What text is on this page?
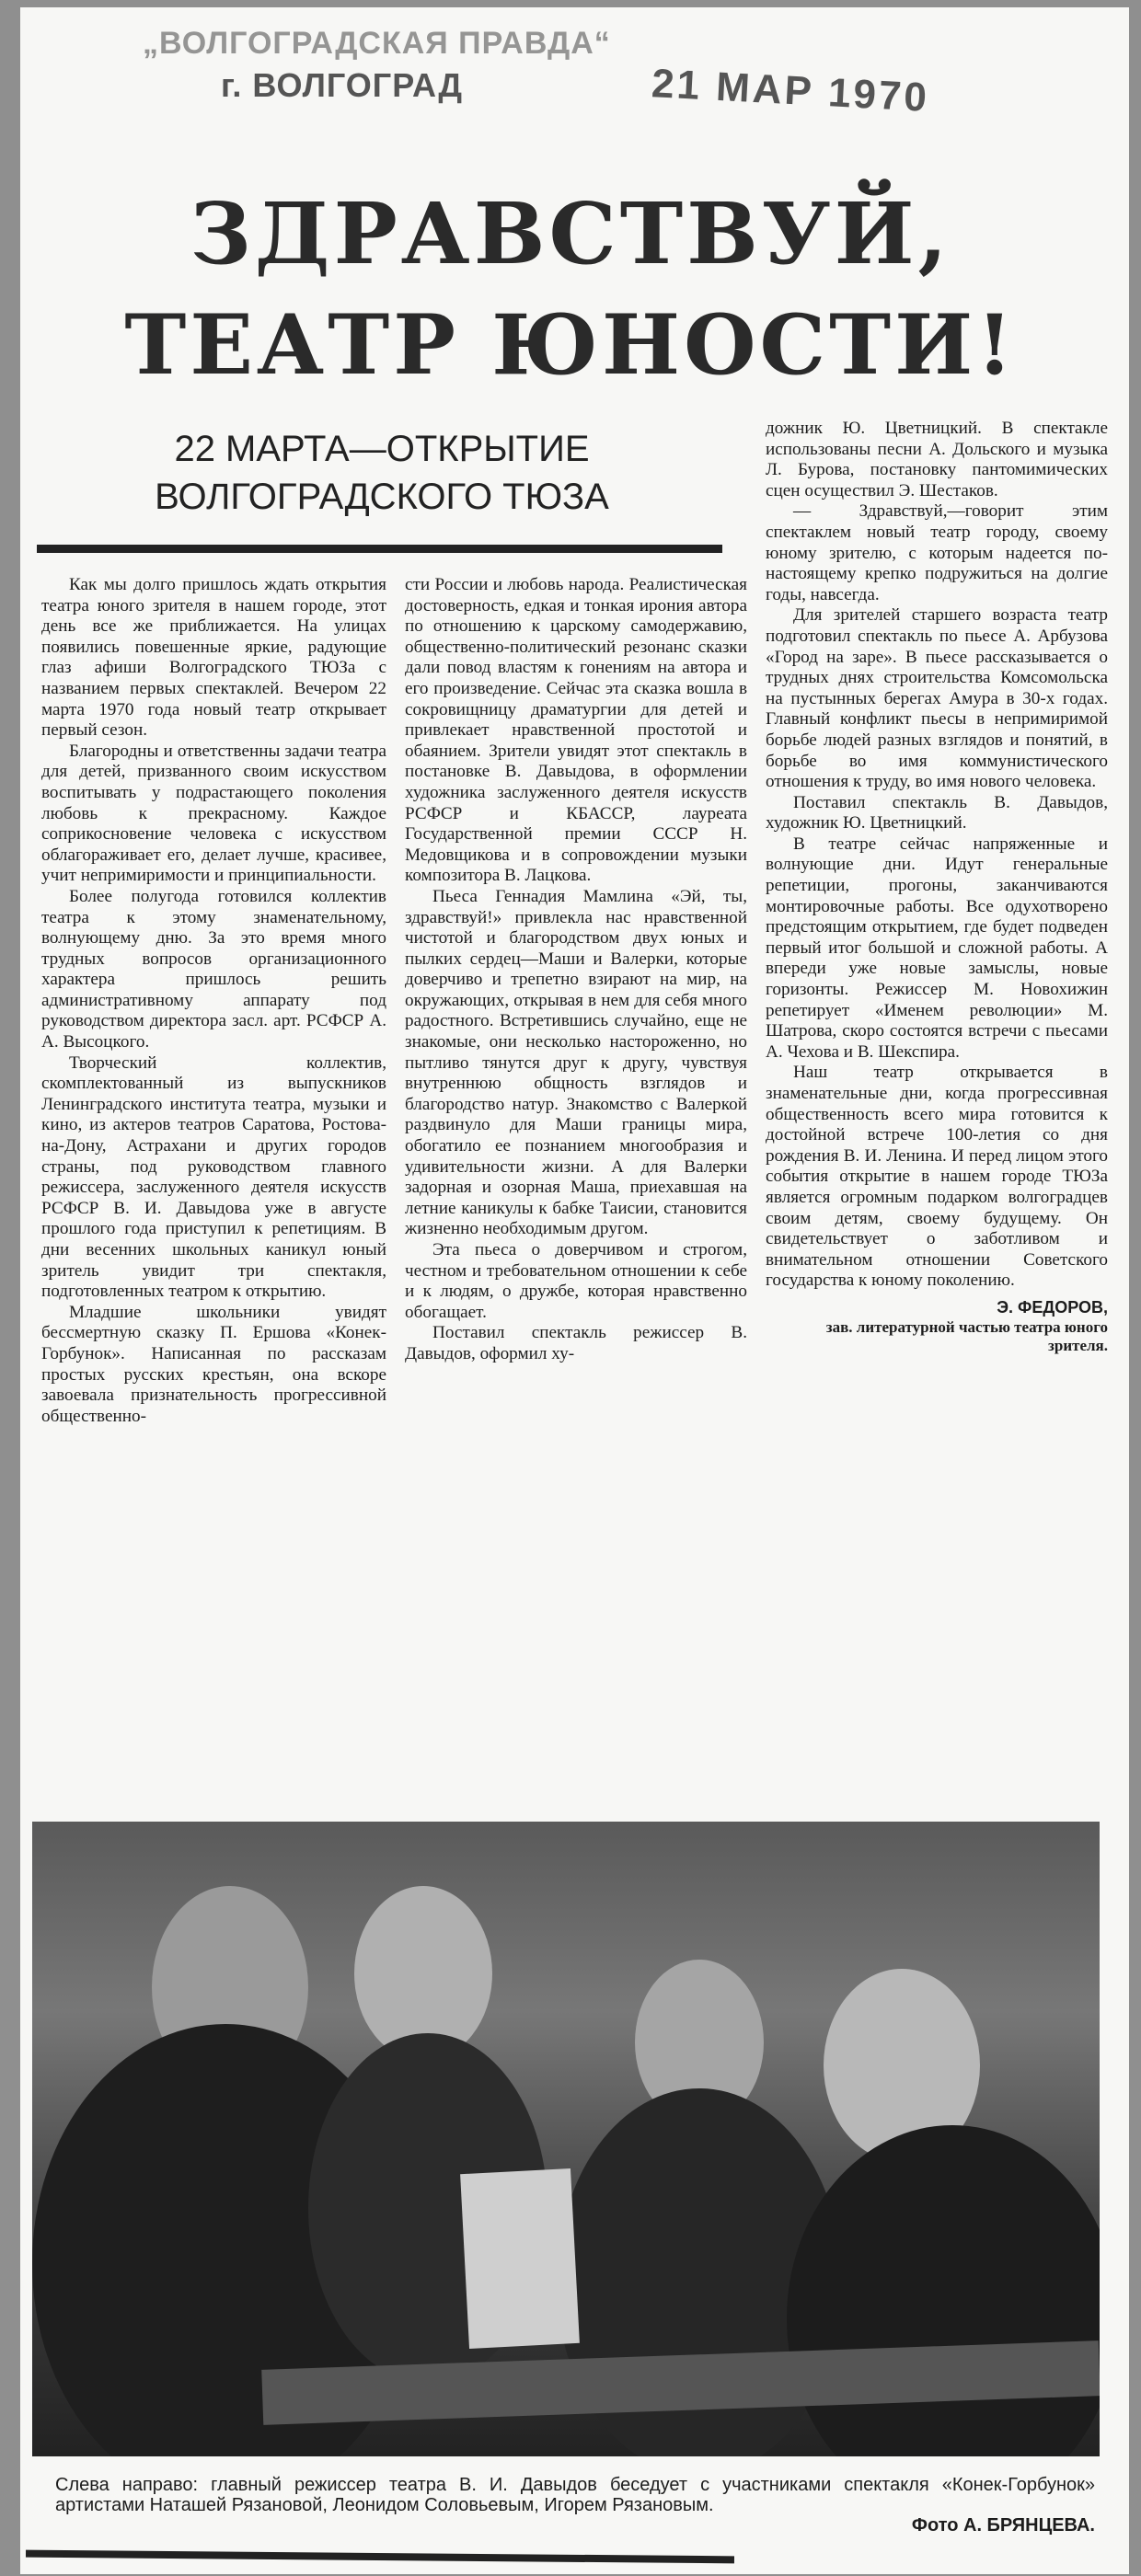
„ВОЛГОГРАДСКАЯ ПРАВДА“
г. ВОЛГОГРАД	21 МАР 1970
ЗДРАВСТВУЙ,
ТЕАТР ЮНОСТИ!
22 МАРТА—ОТКРЫТИЕ
ВОЛГОГРАДСКОГО ТЮЗА

Как мы долго пришлось ждать открытия театра юного зрителя в нашем городе, этот день все же приближается. На улицах появились повешенные яркие, радующие глаз афиши Волгоградского ТЮЗа с названием первых спектаклей. Вечером 22 марта 1970 года новый театр открывает первый сезон.

Благородны и ответственны задачи театра для детей, призванного своим искусством воспитывать у подрастающего поколения любовь к прекрасному. Каждое соприкосновение человека с искусством облагораживает его, делает лучше, красивее, учит непримиримости и принципиальности.

Более полугода готовился коллектив театра к этому знаменательному, волнующему дню. За это время много трудных вопросов организационного характера пришлось решить административному аппарату под руководством директора засл. арт. РСФСР А. А. Высоцкого.

Творческий коллектив, скомплектованный из выпускников Ленинградского института театра, музыки и кино, из актеров театров Саратова, Ростова-на-Дону, Астрахани и других городов страны, под руководством главного режиссера, заслуженного деятеля искусств РСФСР В. И. Давыдова уже в августе прошлого года приступил к репетициям. В дни весенних школьных каникул юный зритель увидит три спектакля, подготовленных театром к открытию.

Младшие школьники увидят бессмертную сказку П. Ершова «Конек-Горбунок». Написанная по рассказам простых русских крестьян, она вскоре завоевала признательность прогрессивной общественно-

сти России и любовь народа. Реалистическая достоверность, едкая и тонкая ирония автора по отношению к царскому самодержавию, общественно-политический резонанс сказки дали повод властям к гонениям на автора и его произведение. Сейчас эта сказка вошла в сокровищницу драматургии для детей и привлекает нравственной простотой и обаянием. Зрители увидят этот спектакль в постановке В. Давыдова, в оформлении художника заслуженного деятеля искусств РСФСР и КБАССР, лауреата Государственной премии СССР Н. Медовщикова и в сопровождении музыки композитора В. Лацкова.

Пьеса Геннадия Мамлина «Эй, ты, здравствуй!» привлекла нас нравственной чистотой и благородством двух юных и пылких сердец—Маши и Валерки, которые доверчиво и трепетно взирают на мир, на окружающих, открывая в нем для себя много радостного. Встретившись случайно, еще не знакомые, они несколько настороженно, но пытливо тянутся друг к другу, чувствуя внутреннюю общность взглядов и благородство натур. Знакомство с Валеркой раздвинуло для Маши границы мира, обогатило ее познанием многообразия и удивительности жизни. А для Валерки задорная и озорная Маша, приехавшая на летние каникулы к бабке Таисии, становится жизненно необходимым другом.

Эта пьеса о доверчивом и строгом, честном и требовательном отношении к себе и к людям, о дружбе, которая нравственно обогащает.

Поставил спектакль режиссер В. Давыдов, оформил ху-

дожник Ю. Цветницкий. В спектакле использованы песни А. Дольского и музыка Л. Бурова, постановку пантомимических сцен осуществил Э. Шестаков.

— Здравствуй,—говорит этим спектаклем новый театр городу, своему юному зрителю, с которым надеется по-настоящему крепко подружиться на долгие годы, навсегда.

Для зрителей старшего возраста театр подготовил спектакль по пьесе А. Арбузова «Город на заре». В пьесе рассказывается о трудных днях строительства Комсомольска на пустынных берегах Амура в 30-х годах. Главный конфликт пьесы в непримиримой борьбе людей разных взглядов и понятий, в борьбе во имя коммунистического отношения к труду, во имя нового человека.

Поставил спектакль В. Давыдов, художник Ю. Цветницкий.

В театре сейчас напряженные и волнующие дни. Идут генеральные репетиции, прогоны, заканчиваются монтировочные работы. Все одухотворено предстоящим открытием, где будет подведен первый итог большой и сложной работы. А впереди уже новые замыслы, новые горизонты. Режиссер М. Новохижин репетирует «Именем революции» М. Шатрова, скоро состоятся встречи с пьесами А. Чехова и В. Шекспира.

Наш театр открывается в знаменательные дни, когда прогрессивная общественность всего мира готовится к достойной встрече 100-летия со дня рождения В. И. Ленина. И перед лицом этого события открытие в нашем городе ТЮЗа является огромным подарком волгоградцев своим детям, своему будущему. Он свидетельствует о заботливом и внимательном отношении Советского государства к юному поколению.

Э. ФЕДОРОВ,
зав. литературной частью театра юного зрителя.
Слева направо: главный режиссер театра В. И. Давыдов беседует с участниками спектакля «Конек-Горбунок» артистами Наташей Рязановой, Леонидом Соловьевым, Игорем Рязановым.
Фото А. БРЯНЦЕВА.
